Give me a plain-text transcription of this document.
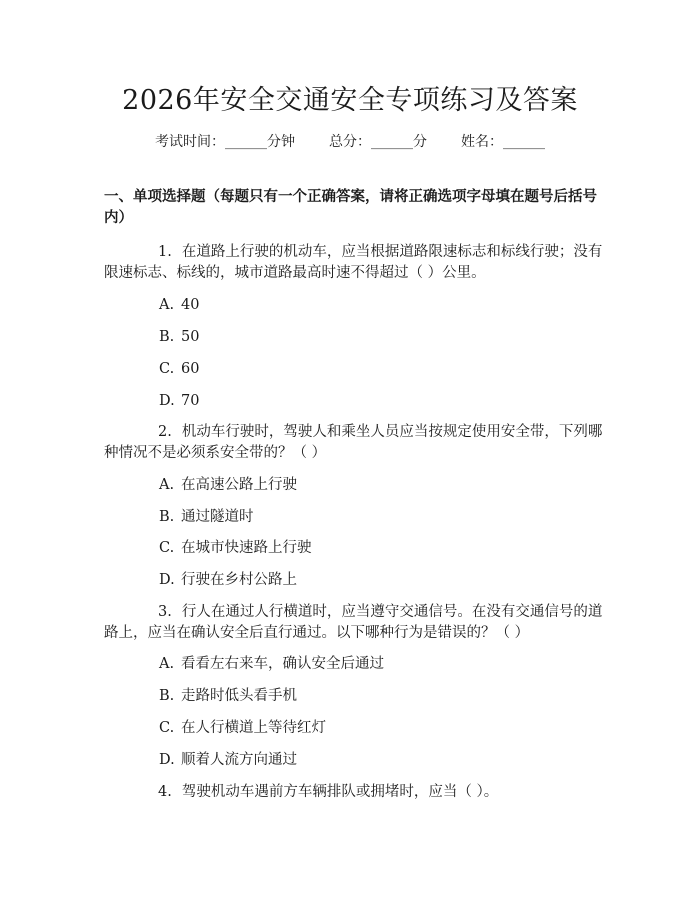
2026年安全交通安全专项练习及答案
考试时间：______分钟 总分：______分 姓名：______
一、单项选择题（每题只有一个正确答案，请将正确选项字母填在题号后括号内）
1. 在道路上行驶的机动车，应当根据道路限速标志和标线行驶；没有限速标志、标线的，城市道路最高时速不得超过（ ）公里。
A. 40
B. 50
C. 60
D. 70
2. 机动车行驶时，驾驶人和乘坐人员应当按规定使用安全带，下列哪种情况不是必须系安全带的？（ ）
A. 在高速公路上行驶
B. 通过隧道时
C. 在城市快速路上行驶
D. 行驶在乡村公路上
3. 行人在通过人行横道时，应当遵守交通信号。在没有交通信号的道路上，应当在确认安全后直行通过。以下哪种行为是错误的？（ ）
A. 看看左右来车，确认安全后通过
B. 走路时低头看手机
C. 在人行横道上等待红灯
D. 顺着人流方向通过
4. 驾驶机动车遇前方车辆排队或拥堵时，应当（ ）。
